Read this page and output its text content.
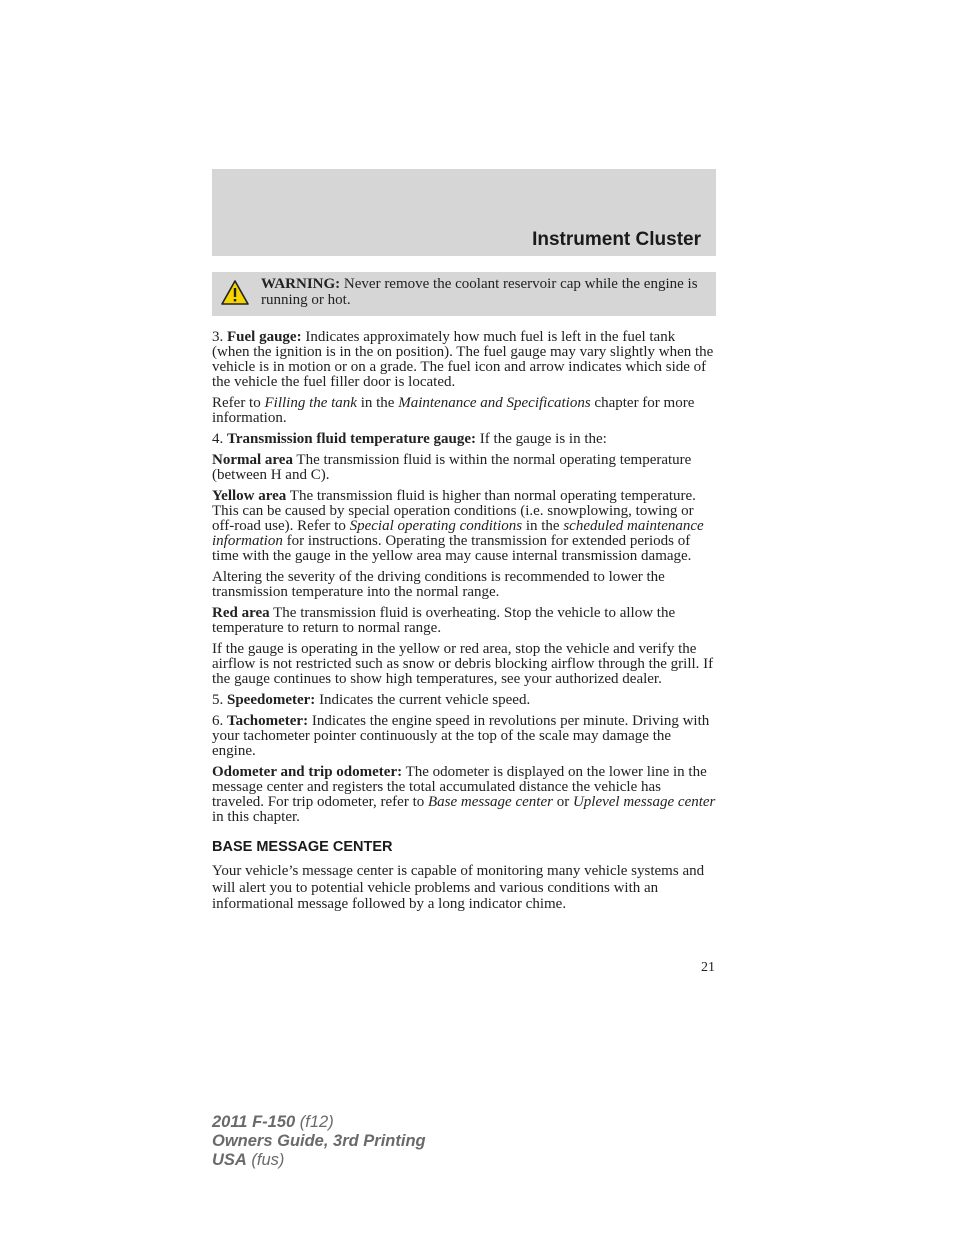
Instrument Cluster
WARNING: Never remove the coolant reservoir cap while the engine is running or hot.

3. Fuel gauge: Indicates approximately how much fuel is left in the fuel tank (when the ignition is in the on position). The fuel gauge may vary slightly when the vehicle is in motion or on a grade. The fuel icon and arrow indicates which side of the vehicle the fuel filler door is located.

Refer to Filling the tank in the Maintenance and Specifications chapter for more information.

4. Transmission fluid temperature gauge: If the gauge is in the:

Normal area The transmission fluid is within the normal operating temperature (between H and C).

Yellow area The transmission fluid is higher than normal operating temperature. This can be caused by special operation conditions (i.e. snowplowing, towing or off-road use). Refer to Special operating conditions in the scheduled maintenance information for instructions. Operating the transmission for extended periods of time with the gauge in the yellow area may cause internal transmission damage.

Altering the severity of the driving conditions is recommended to lower the transmission temperature into the normal range.

Red area The transmission fluid is overheating. Stop the vehicle to allow the temperature to return to normal range.

If the gauge is operating in the yellow or red area, stop the vehicle and verify the airflow is not restricted such as snow or debris blocking airflow through the grill. If the gauge continues to show high temperatures, see your authorized dealer.

5. Speedometer: Indicates the current vehicle speed.

6. Tachometer: Indicates the engine speed in revolutions per minute. Driving with your tachometer pointer continuously at the top of the scale may damage the engine.

Odometer and trip odometer: The odometer is displayed on the lower line in the message center and registers the total accumulated distance the vehicle has traveled. For trip odometer, refer to Base message center or Uplevel message center in this chapter.

BASE MESSAGE CENTER

Your vehicle’s message center is capable of monitoring many vehicle systems and will alert you to potential vehicle problems and various conditions with an informational message followed by a long indicator chime.

21
2011 F-150 (f12)
Owners Guide, 3rd Printing
USA (fus)
